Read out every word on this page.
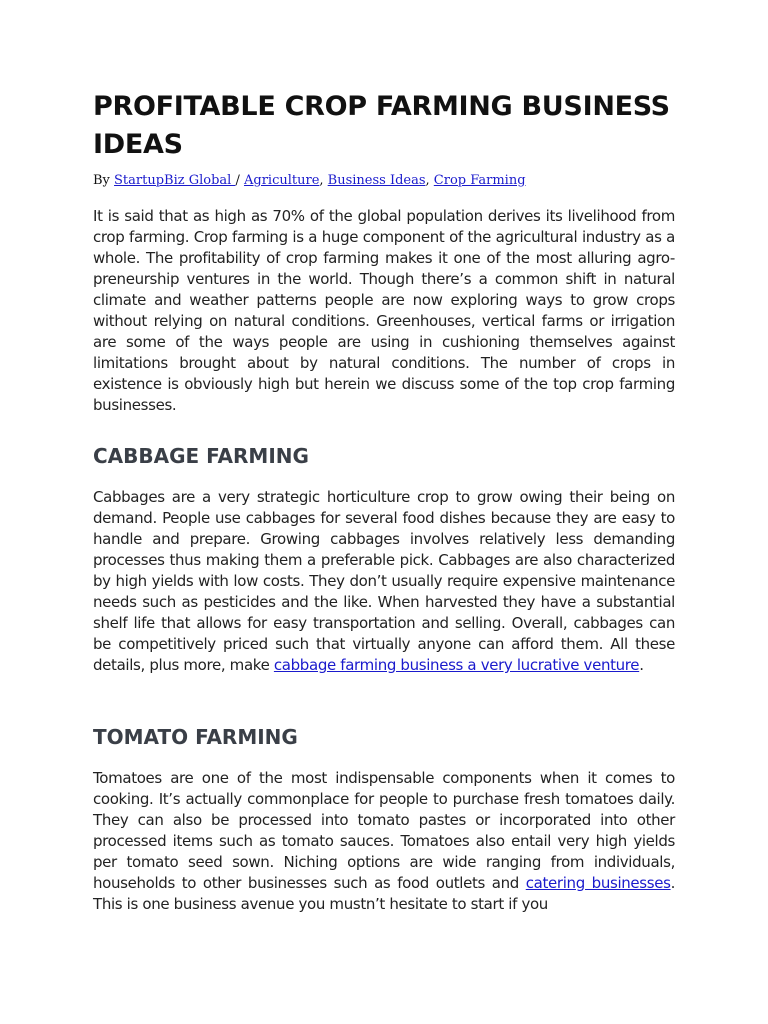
PROFITABLE CROP FARMING BUSINESS IDEAS
By StartupBiz Global / Agriculture, Business Ideas, Crop Farming

It is said that as high as 70% of the global population derives its livelihood from crop farming. Crop farming is a huge component of the agricultural industry as a whole. The profitability of crop farming makes it one of the most alluring agro-preneurship ventures in the world. Though there’s a common shift in natural climate and weather patterns people are now exploring ways to grow crops without relying on natural conditions. Greenhouses, vertical farms or irrigation are some of the ways people are using in cushioning themselves against limitations brought about by natural conditions. The number of crops in existence is obviously high but herein we discuss some of the top crop farming businesses.

CABBAGE FARMING

Cabbages are a very strategic horticulture crop to grow owing their being on demand. People use cabbages for several food dishes because they are easy to handle and prepare. Growing cabbages involves relatively less demanding processes thus making them a preferable pick. Cabbages are also characterized by high yields with low costs. They don’t usually require expensive maintenance needs such as pesticides and the like. When harvested they have a substantial shelf life that allows for easy transportation and selling. Overall, cabbages can be competitively priced such that virtually anyone can afford them. All these details, plus more, make cabbage farming business a very lucrative venture.

TOMATO FARMING

Tomatoes are one of the most indispensable components when it comes to cooking. It’s actually commonplace for people to purchase fresh tomatoes daily. They can also be processed into tomato pastes or incorporated into other processed items such as tomato sauces. Tomatoes also entail very high yields per tomato seed sown. Niching options are wide ranging from individuals, households to other businesses such as food outlets and catering businesses. This is one business avenue you mustn’t hesitate to start if you
